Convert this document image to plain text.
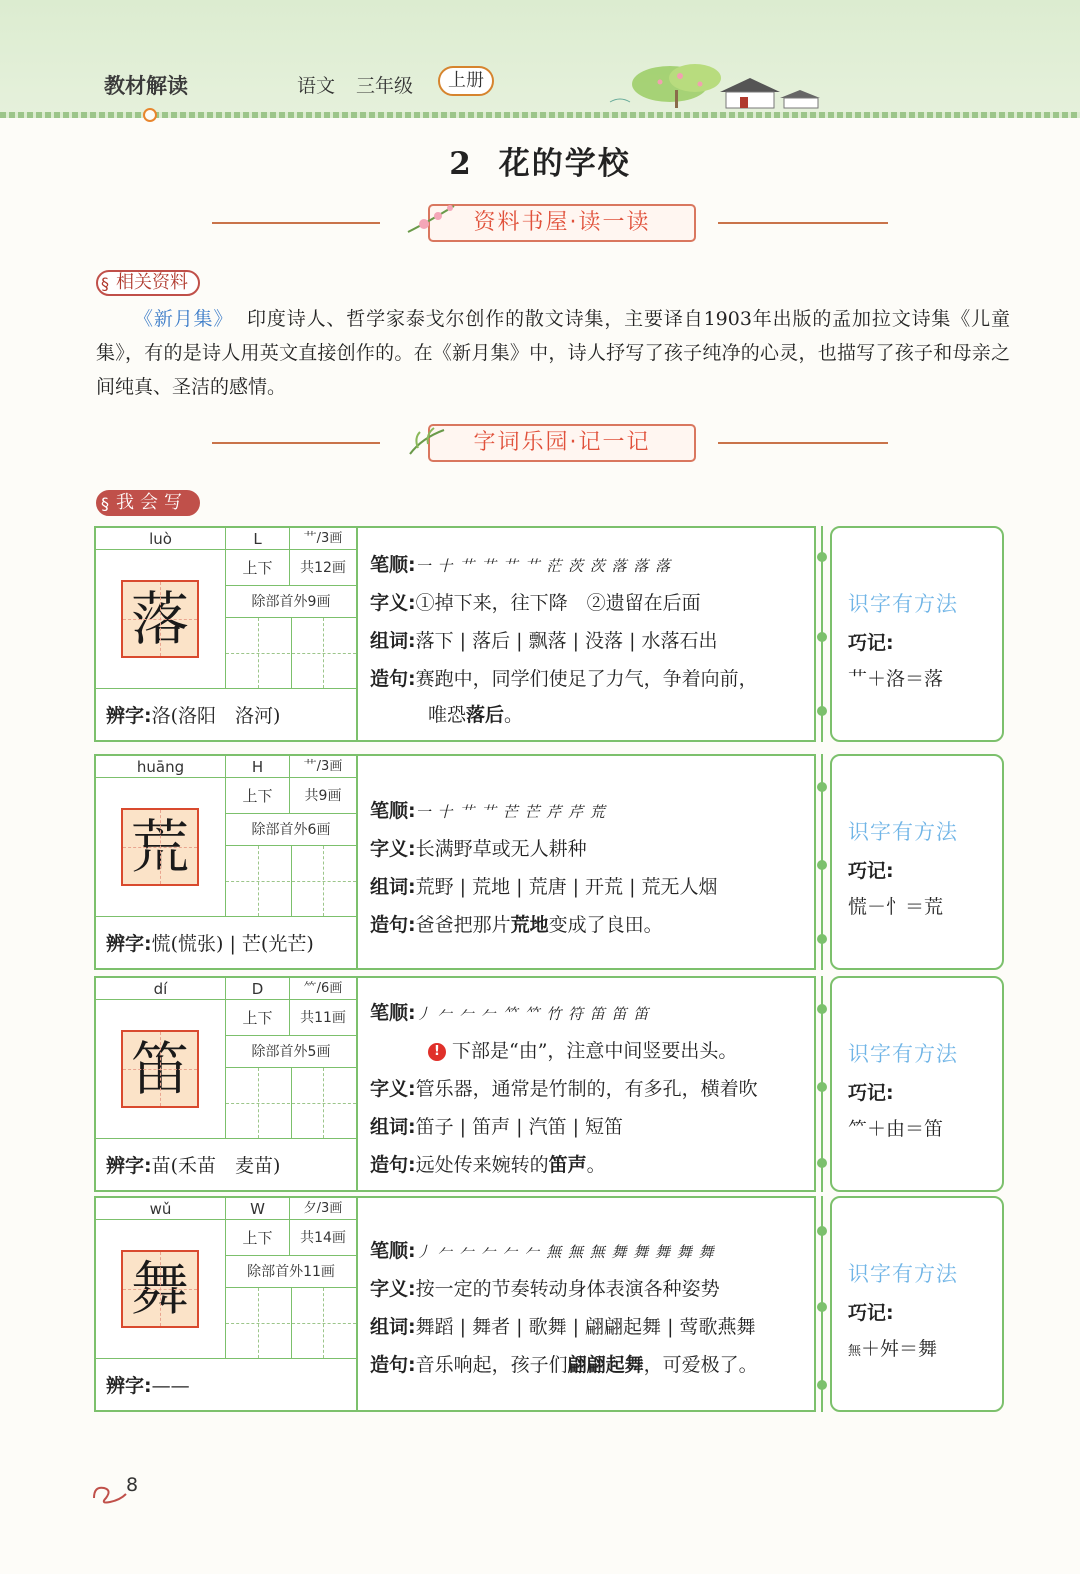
教材解读	语文 三年级	上册
2 花的学校
资料书屋·读一读
§ 相关资料
《新月集》 印度诗人、哲学家泰戈尔创作的散文诗集，主要译自1903年出版的孟加拉文诗集《儿童集》，有的是诗人用英文直接创作的。在《新月集》中，诗人抒写了孩子纯净的心灵，也描写了孩子和母亲之间纯真、圣洁的感情。
字词乐园·记一记
§ 我会写
luò	L	艹/3画
上下	共12画
除部首外9画
落
辨字:洛(洛阳　洛河)
笔顺:一 十 艹 艹 艹 艹 茫 茨 茨 落 落 落
字义:①掉下来，往下降　②遗留在后面
组词:落下 | 落后 | 飘落 | 没落 | 水落石出
造句:赛跑中，同学们使足了力气，争着向前，
唯恐落后。
识字有方法
巧记:
艹＋洛＝落
huāng	H	艹/3画
上下	共9画
除部首外6画
荒
辨字:慌(慌张) | 芒(光芒)
笔顺:一 十 艹 艹 芒 芒 芹 芹 荒
字义:长满野草或无人耕种
组词:荒野 | 荒地 | 荒唐 | 开荒 | 荒无人烟
造句:爸爸把那片荒地变成了良田。
识字有方法
巧记:
慌－忄＝荒
dí	D	⺮/6画
上下	共11画
除部首外5画
笛
辨字:苗(禾苗　麦苗)
笔顺:丿 𠂉 𠂉 𠂉 𥫗 𥫗 竹 符 笛 笛 笛
! 下部是“由”，注意中间竖要出头。
字义:管乐器，通常是竹制的，有多孔，横着吹
组词:笛子 | 笛声 | 汽笛 | 短笛
造句:远处传来婉转的笛声。
识字有方法
巧记:
⺮＋由＝笛
wǔ	W	夕/3画
上下	共14画
除部首外11画
舞
辨字:——
笔顺:丿 𠂉 𠂉 𠂉 𠂉 𠂉 無 無 無 舞 舞 舞 舞 舞
字义:按一定的节奏转动身体表演各种姿势
组词:舞蹈 | 舞者 | 歌舞 | 翩翩起舞 | 莺歌燕舞
造句:音乐响起，孩子们翩翩起舞，可爱极了。
识字有方法
巧记:
無＋舛＝舞
8
